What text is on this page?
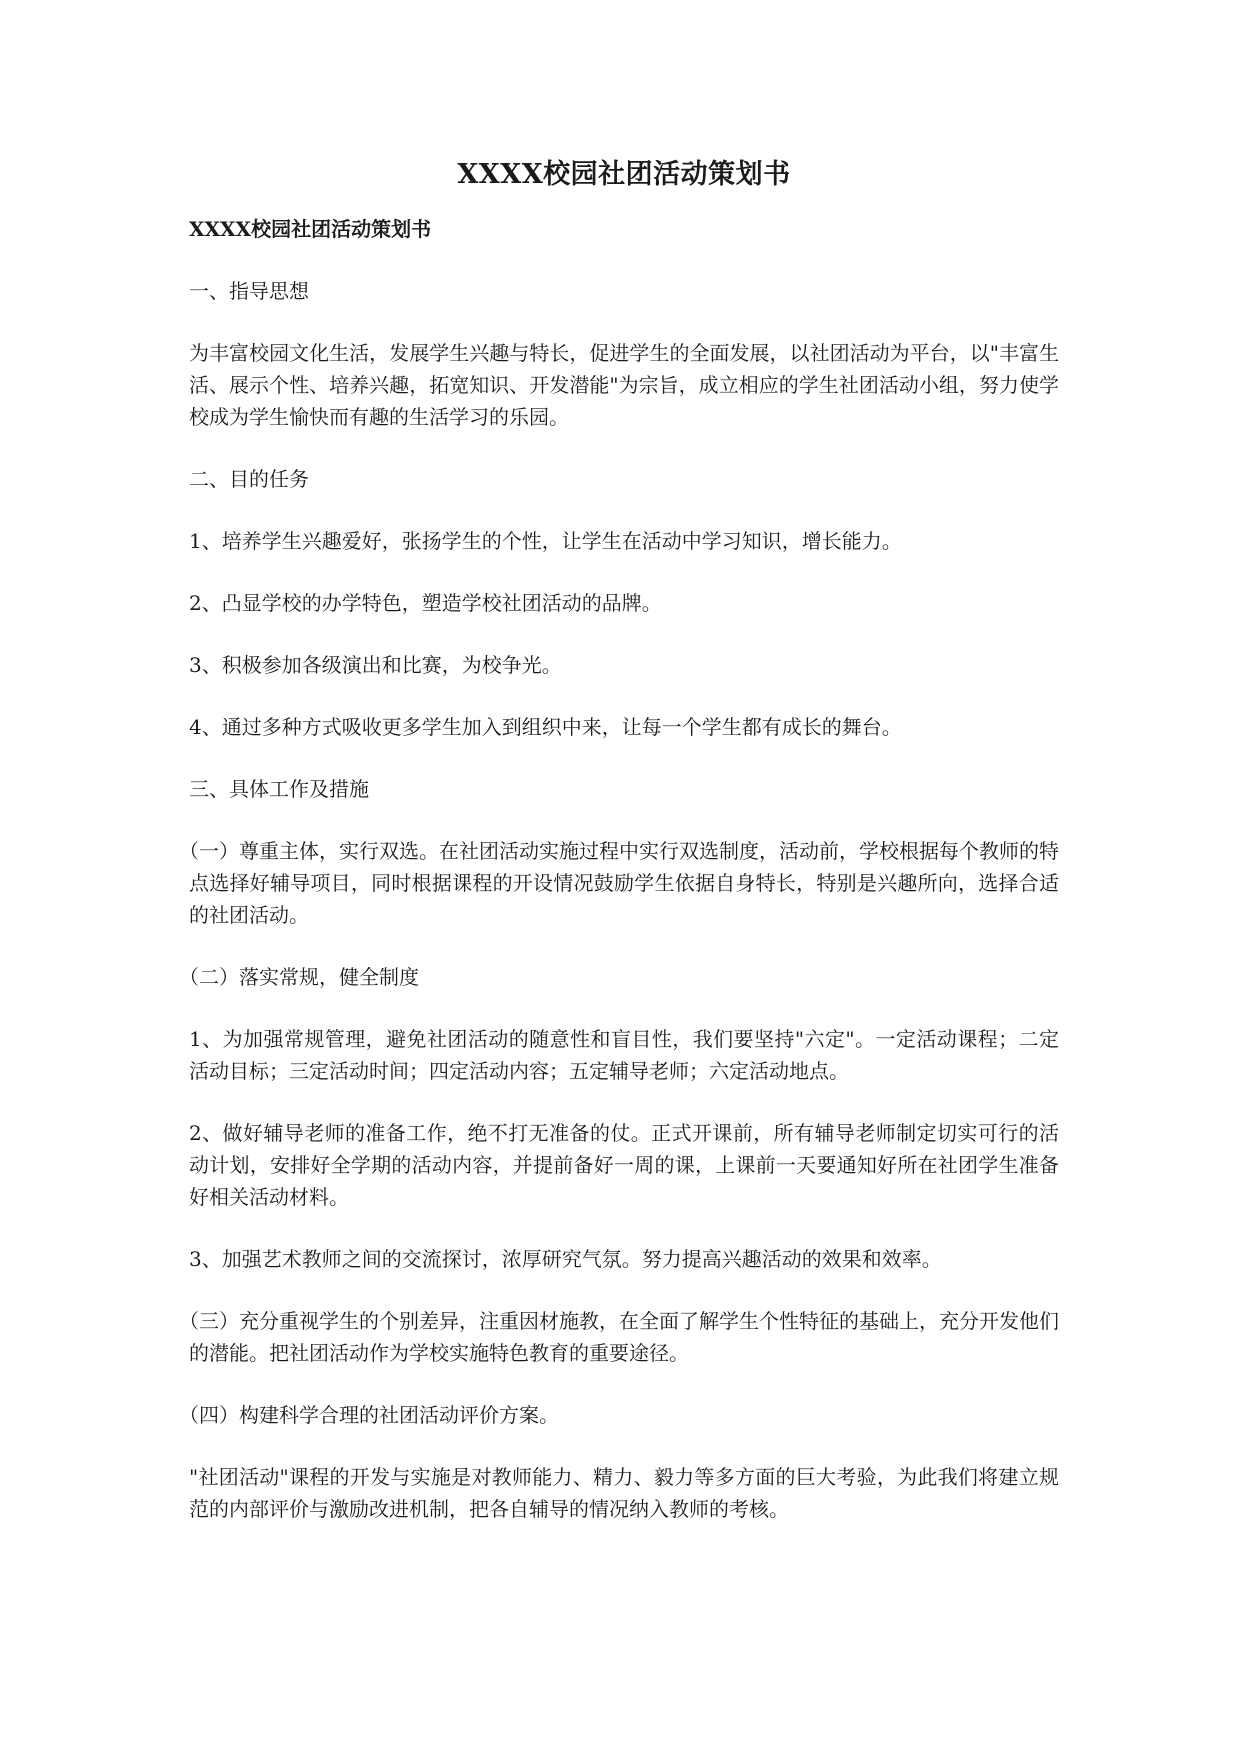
XXXX校园社团活动策划书
XXXX校园社团活动策划书

一、指导思想

为丰富校园文化生活，发展学生兴趣与特长，促进学生的全面发展，以社团活动为平台，以"丰富生活、展示个性、培养兴趣，拓宽知识、开发潜能"为宗旨，成立相应的学生社团活动小组，努力使学校成为学生愉快而有趣的生活学习的乐园。

二、目的任务

1、培养学生兴趣爱好，张扬学生的个性，让学生在活动中学习知识，增长能力。

2、凸显学校的办学特色，塑造学校社团活动的品牌。

3、积极参加各级演出和比赛，为校争光。

4、通过多种方式吸收更多学生加入到组织中来，让每一个学生都有成长的舞台。

三、具体工作及措施

（一）尊重主体，实行双选。在社团活动实施过程中实行双选制度，活动前，学校根据每个教师的特点选择好辅导项目，同时根据课程的开设情况鼓励学生依据自身特长，特别是兴趣所向，选择合适的社团活动。

（二）落实常规，健全制度

1、为加强常规管理，避免社团活动的随意性和盲目性，我们要坚持"六定"。一定活动课程；二定活动目标；三定活动时间；四定活动内容；五定辅导老师；六定活动地点。

2、做好辅导老师的准备工作，绝不打无准备的仗。正式开课前，所有辅导老师制定切实可行的活动计划，安排好全学期的活动内容，并提前备好一周的课，上课前一天要通知好所在社团学生准备好相关活动材料。

3、加强艺术教师之间的交流探讨，浓厚研究气氛。努力提高兴趣活动的效果和效率。

（三）充分重视学生的个别差异，注重因材施教，在全面了解学生个性特征的基础上，充分开发他们的潜能。把社团活动作为学校实施特色教育的重要途径。

（四）构建科学合理的社团活动评价方案。

"社团活动"课程的开发与实施是对教师能力、精力、毅力等多方面的巨大考验，为此我们将建立规范的内部评价与激励改进机制，把各自辅导的情况纳入教师的考核。
